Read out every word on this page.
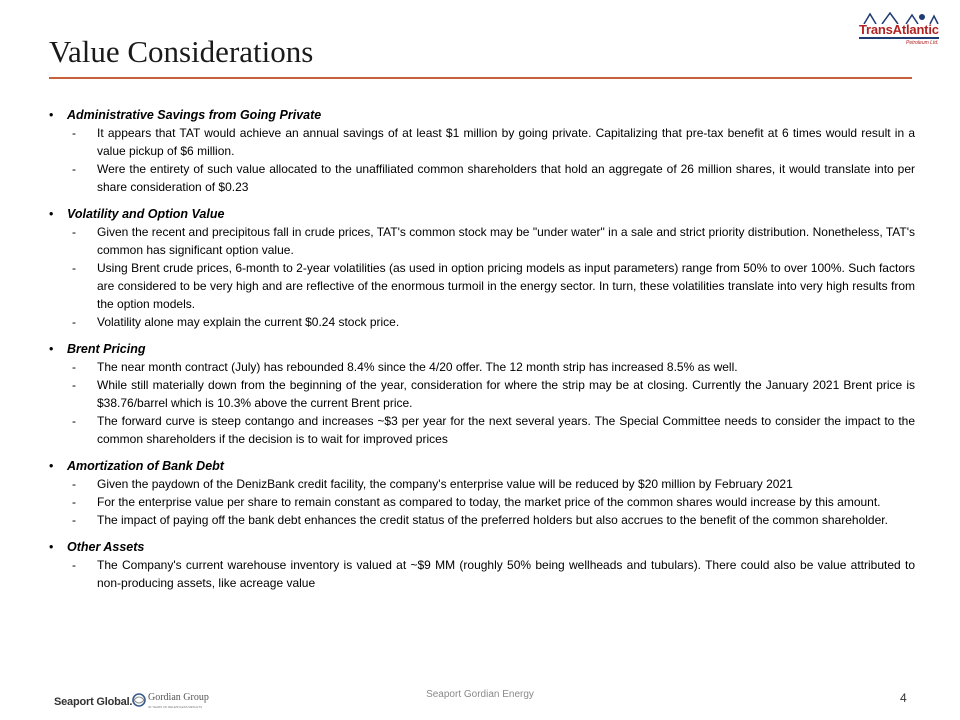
Value Considerations
TransAtlantic
Petroleum Ltd.
• Administrative Savings from Going Private
- It appears that TAT would achieve an annual savings of at least $1 million by going private. Capitalizing that pre-tax benefit at 6 times would result in a value pickup of $6 million.
- Were the entirety of such value allocated to the unaffiliated common shareholders that hold an aggregate of 26 million shares, it would translate into per share consideration of $0.23
• Volatility and Option Value
- Given the recent and precipitous fall in crude prices, TAT's common stock may be "under water" in a sale and strict priority distribution. Nonetheless, TAT's common has significant option value.
- Using Brent crude prices, 6-month to 2-year volatilities (as used in option pricing models as input parameters) range from 50% to over 100%. Such factors are considered to be very high and are reflective of the enormous turmoil in the energy sector. In turn, these volatilities translate into very high results from the option models.
- Volatility alone may explain the current $0.24 stock price.
• Brent Pricing
- The near month contract (July) has rebounded 8.4% since the 4/20 offer. The 12 month strip has increased 8.5% as well.
- While still materially down from the beginning of the year, consideration for where the strip may be at closing. Currently the January 2021 Brent price is $38.76/barrel which is 10.3% above the current Brent price.
- The forward curve is steep contango and increases ~$3 per year for the next several years. The Special Committee needs to consider the impact to the common shareholders if the decision is to wait for improved prices
• Amortization of Bank Debt
- Given the paydown of the DenizBank credit facility, the company's enterprise value will be reduced by $20 million by February 2021
- For the enterprise value per share to remain constant as compared to today, the market price of the common shares would increase by this amount.
- The impact of paying off the bank debt enhances the credit status of the preferred holders but also accrues to the benefit of the common shareholder.
• Other Assets
- The Company's current warehouse inventory is valued at ~$9 MM (roughly 50% being wellheads and tubulars). There could also be value attributed to non-producing assets, like acreage value
Seaport Global. Gordian Group
30 YEARS OF RELENTLESS RESULTS
Seaport Gordian Energy	4
